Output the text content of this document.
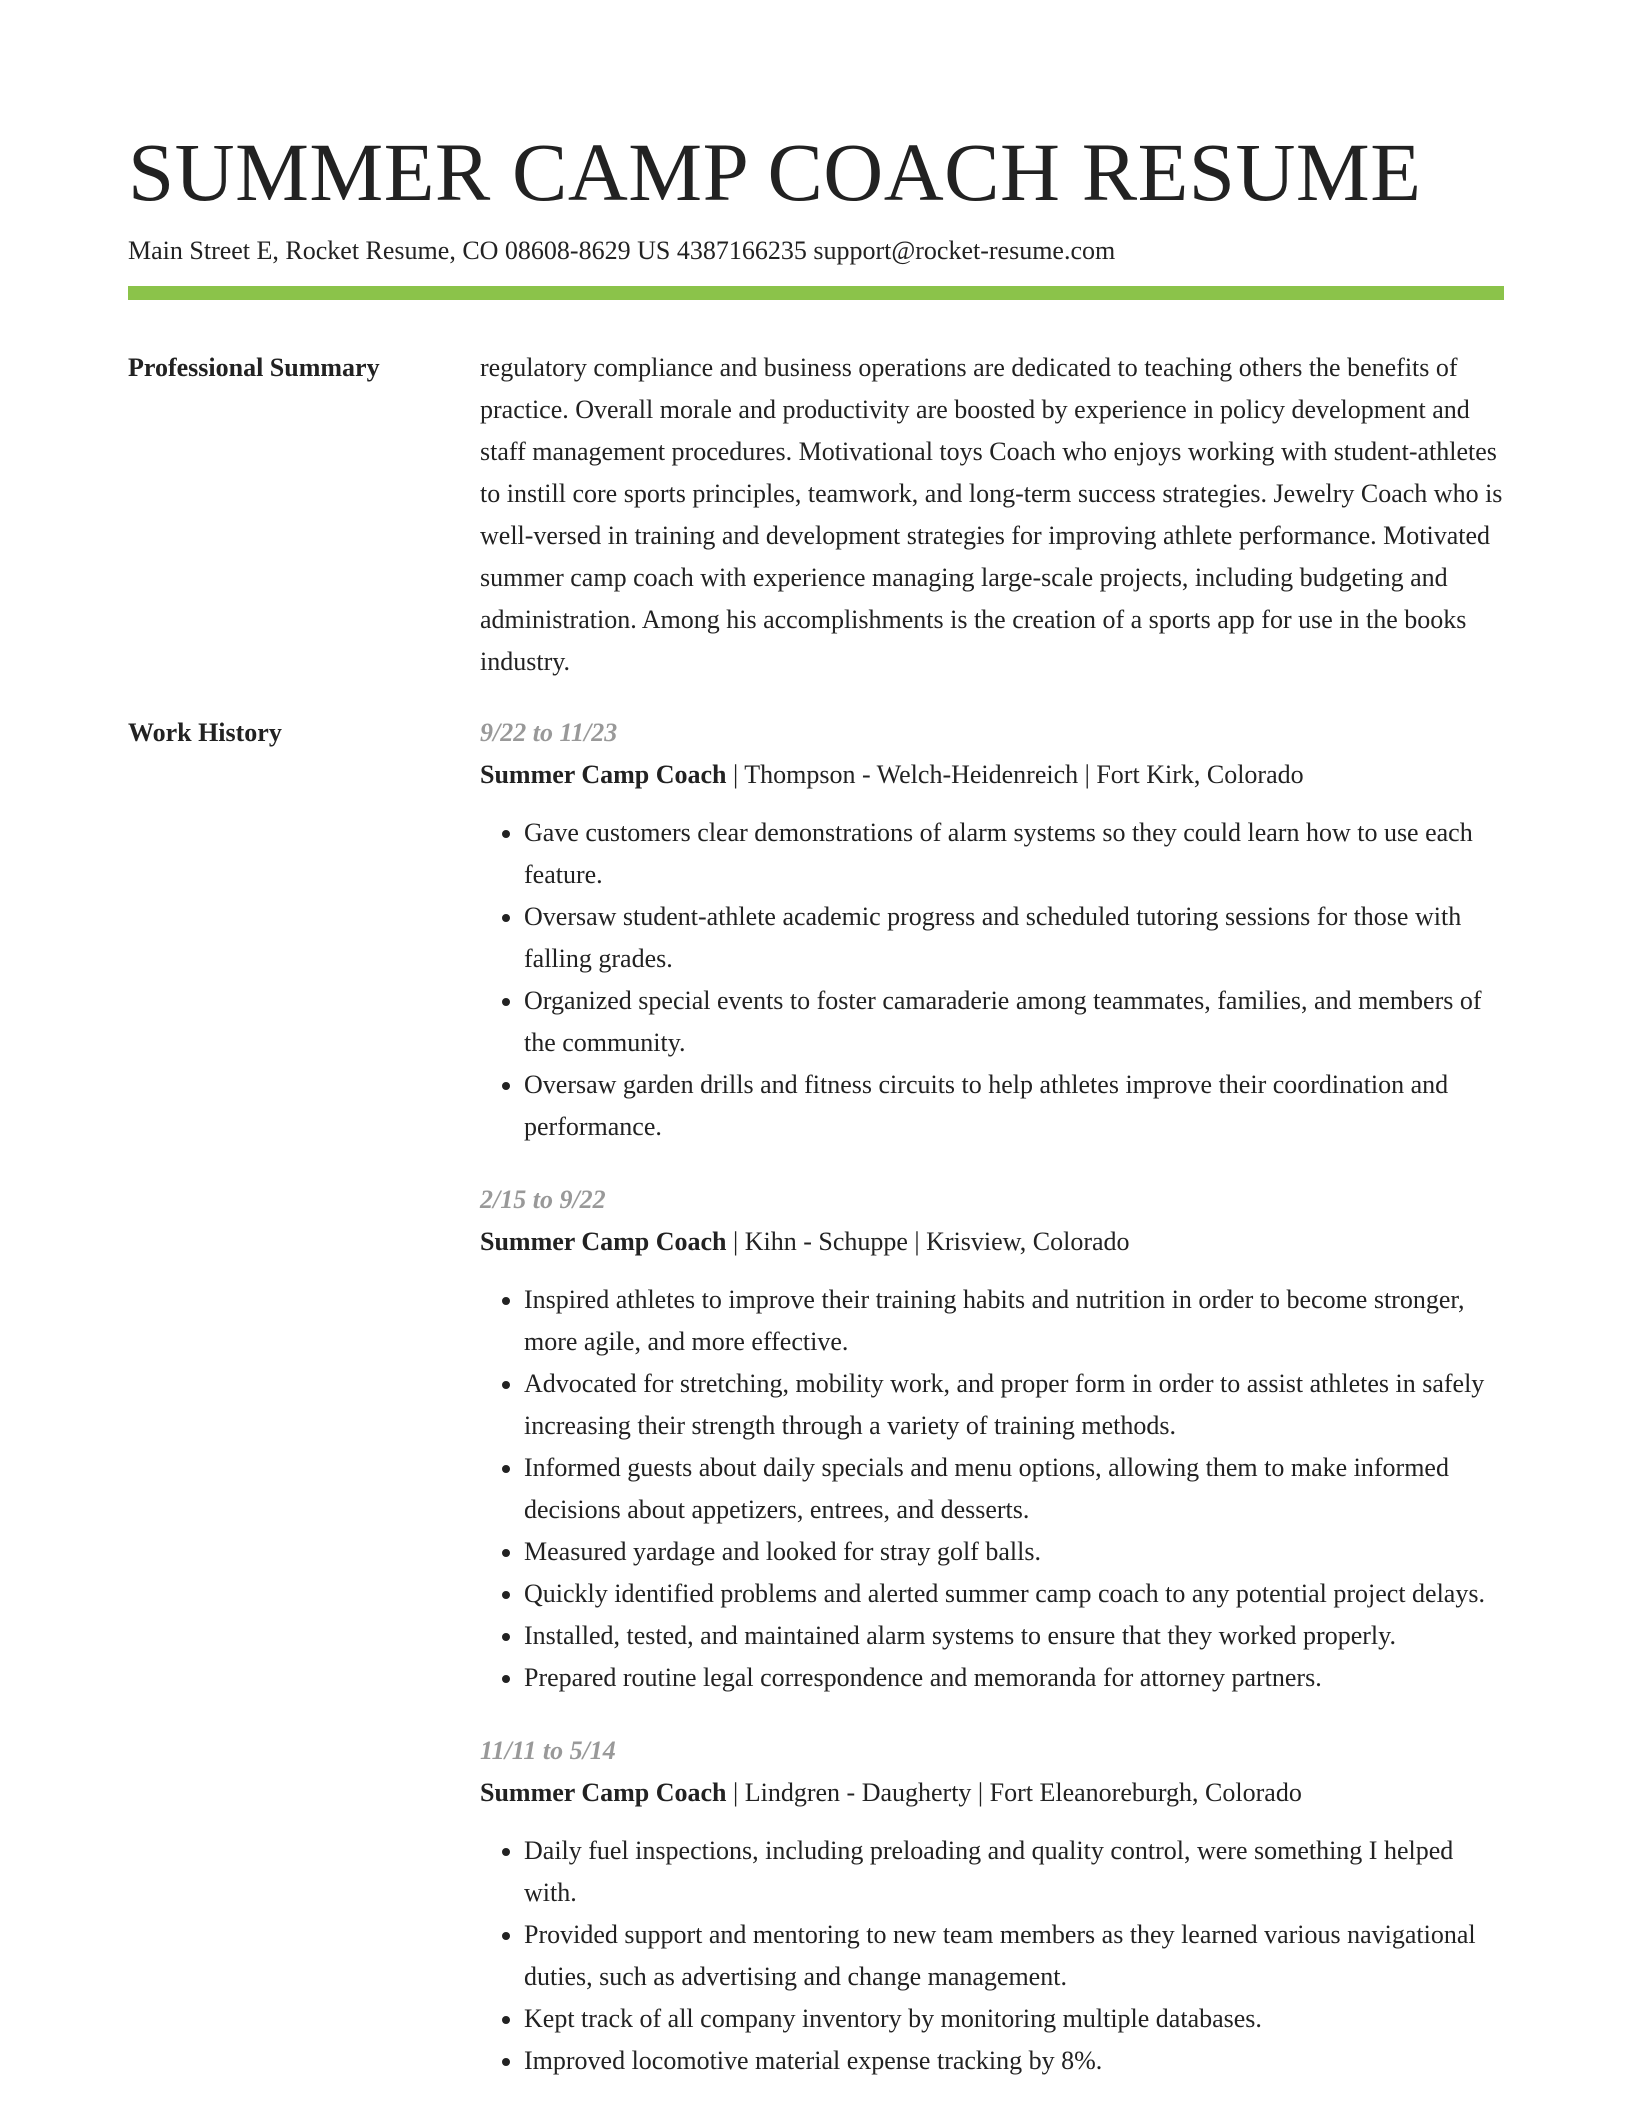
SUMMER CAMP COACH RESUME
Main Street E, Rocket Resume, CO 08608-8629 US 4387166235 support@rocket-resume.com
Professional Summary	regulatory compliance and business operations are dedicated to teaching others the benefits of practice. Overall morale and productivity are boosted by experience in policy development and staff management procedures. Motivational toys Coach who enjoys working with student-athletes to instill core sports principles, teamwork, and long-term success strategies. Jewelry Coach who is well-versed in training and development strategies for improving athlete performance. Motivated summer camp coach with experience managing large-scale projects, including budgeting and administration. Among his accomplishments is the creation of a sports app for use in the books industry.

Work History	9/22 to 11/23
Summer Camp Coach | Thompson - Welch-Heidenreich | Fort Kirk, Colorado
• Gave customers clear demonstrations of alarm systems so they could learn how to use each feature.
• Oversaw student-athlete academic progress and scheduled tutoring sessions for those with falling grades.
• Organized special events to foster camaraderie among teammates, families, and members of the community.
• Oversaw garden drills and fitness circuits to help athletes improve their coordination and performance.
2/15 to 9/22
Summer Camp Coach | Kihn - Schuppe | Krisview, Colorado
• Inspired athletes to improve their training habits and nutrition in order to become stronger, more agile, and more effective.
• Advocated for stretching, mobility work, and proper form in order to assist athletes in safely increasing their strength through a variety of training methods.
• Informed guests about daily specials and menu options, allowing them to make informed decisions about appetizers, entrees, and desserts.
• Measured yardage and looked for stray golf balls.
• Quickly identified problems and alerted summer camp coach to any potential project delays.
• Installed, tested, and maintained alarm systems to ensure that they worked properly.
• Prepared routine legal correspondence and memoranda for attorney partners.
11/11 to 5/14
Summer Camp Coach | Lindgren - Daugherty | Fort Eleanoreburgh, Colorado
• Daily fuel inspections, including preloading and quality control, were something I helped with.
• Provided support and mentoring to new team members as they learned various navigational duties, such as advertising and change management.
• Kept track of all company inventory by monitoring multiple databases.
• Improved locomotive material expense tracking by 8%.
